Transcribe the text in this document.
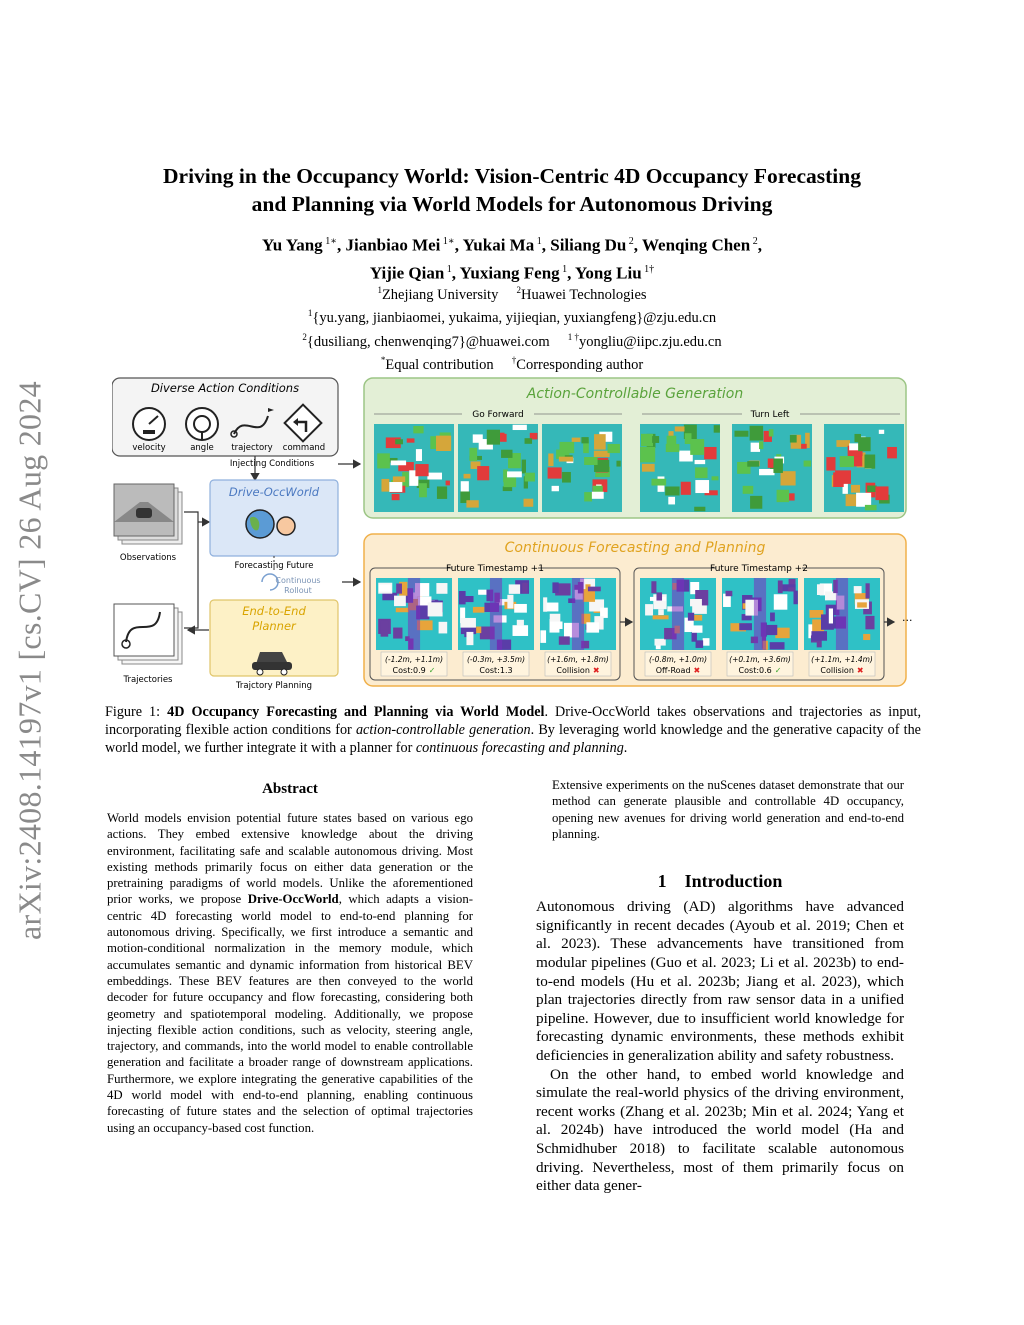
arXiv:2408.14197v1 [cs.CV] 26 Aug 2024
Driving in the Occupancy World: Vision-Centric 4D Occupancy Forecasting
and Planning via World Models for Autonomous Driving
Yu Yang $^{1∗}$, Jianbiao Mei $^{1∗}$, Yukai Ma $^1$, Siliang Du $^2$, Wenqing Chen $^2$,
Yijie Qian $^1$, Yuxiang Feng $^1$, Yong Liu $^{1\dagger}$
$^1$Zhejiang University $^2$Huawei Technologies
$^1${yu.yang, jianbiaomei, yukaima, yijieqian, yuxiangfeng}@zju.edu.cn
$^2${dusiliang, chenwenqing7}@huawei.com $^{1 \dagger}$yongliu@iipc.zju.edu.cn
*Equal contribution †Corresponding author
Diverse Action Conditions
velocity	angle trajectory command
Injecting Conditions
Observations
Trajectories
Drive-OccWorld
Forecasting Future
Continuous
Rollout
End-to-End
Planner
Trajctory Planning
Action-Controllable Generation
Go Forward	Turn Left
Continuous Forecasting and Planning
Future Timestamp +1	Future Timestamp +2
···
(-1.2m, +1.1m)
Cost:0.9 ✓
(-0.3m, +3.5m)
Cost:1.3
(+1.6m, +1.8m)
Collision ✖
(-0.8m, +1.0m)
Off-Road ✖
(+0.1m, +3.6m)
Cost:0.6 ✓
(+1.1m, +1.4m)
Collision ✖
Figure 1: 4D Occupancy Forecasting and Planning via World Model. Drive-OccWorld takes observations and trajectories as input, incorporating flexible action conditions for action-controllable generation. By leveraging world knowledge and the generative capacity of the world model, we further integrate it with a planner for continuous forecasting and planning.
Abstract
World models envision potential future states based on various ego actions. They embed extensive knowledge about the driving environment, facilitating safe and scalable autonomous driving. Most existing methods primarily focus on either data generation or the pretraining paradigms of world models. Unlike the aforementioned prior works, we propose Drive-OccWorld, which adapts a vision-centric 4D forecasting world model to end-to-end planning for autonomous driving. Specifically, we first introduce a semantic and motion-conditional normalization in the memory module, which accumulates semantic and dynamic information from historical BEV embeddings. These BEV features are then conveyed to the world decoder for future occupancy and flow forecasting, considering both geometry and spatiotemporal modeling. Additionally, we propose injecting flexible action conditions, such as velocity, steering angle, trajectory, and commands, into the world model to enable controllable generation and facilitate a broader range of downstream applications. Furthermore, we explore integrating the generative capabilities of the 4D world model with end-to-end planning, enabling continuous forecasting of future states and the selection of optimal trajectories using an occupancy-based cost function.
Extensive experiments on the nuScenes dataset demonstrate that our method can generate plausible and controllable 4D occupancy, opening new avenues for driving world generation and end-to-end planning.
1    Introduction
Autonomous driving (AD) algorithms have advanced significantly in recent decades (Ayoub et al. 2019; Chen et al. 2023). These advancements have transitioned from modular pipelines (Guo et al. 2023; Li et al. 2023b) to end-to-end models (Hu et al. 2023b; Jiang et al. 2023), which plan trajectories directly from raw sensor data in a unified pipeline. However, due to insufficient world knowledge for forecasting dynamic environments, these methods exhibit deficiencies in generalization ability and safety robustness.
On the other hand, to embed world knowledge and simulate the real-world physics of the driving environment, recent works (Zhang et al. 2023b; Min et al. 2024; Yang et al. 2024b) have introduced the world model (Ha and Schmidhuber 2018) to facilitate scalable autonomous driving. Nevertheless, most of them primarily focus on either data gener-
